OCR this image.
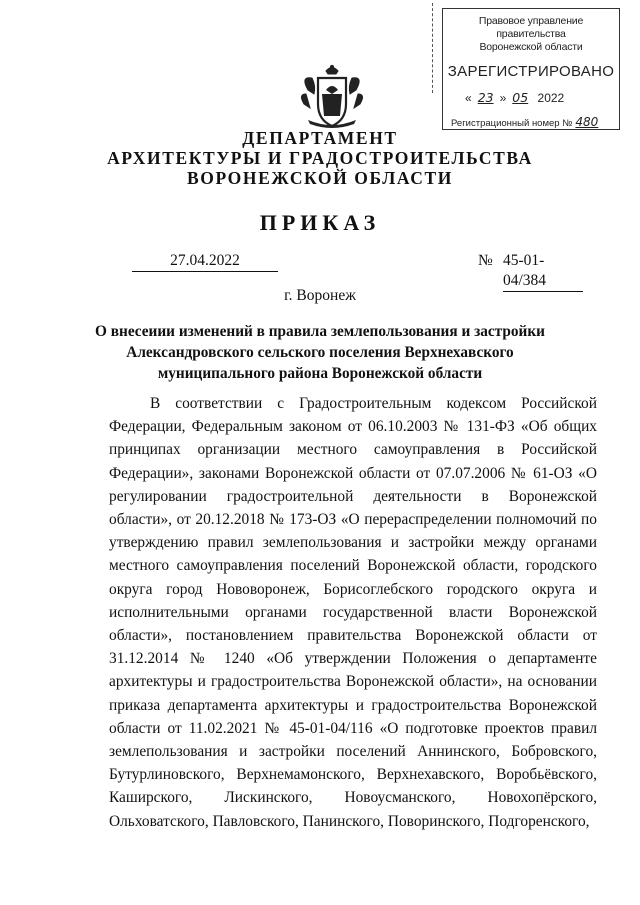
Правовое управление правительства
Воронежской области
ЗАРЕГИСТРИРОВАНО
« 23 » 05 2022
Регистрационный номер № 480
ДЕПАРТАМЕНТ
АРХИТЕКТУРЫ И ГРАДОСТРОИТЕЛЬСТВА
ВОРОНЕЖСКОЙ ОБЛАСТИ
ПРИКАЗ
27.04.2022	№ 45-01-04/384
г. Воронеж
О внесеиии изменений в правила землепользования и застройки
Александровского сельского поселения Верхнехавского
муниципального района Воронежской области
В соответствии с Градостроительным кодексом Российской Федерации, Федеральным законом от 06.10.2003 № 131-ФЗ «Об общих принципах организации местного самоуправления в Российской Федерации», законами Воронежской области от 07.07.2006 № 61-ОЗ «О регулировании градостроительной деятельности в Воронежской области», от 20.12.2018 № 173-ОЗ «О перераспределении полномочий по утверждению правил землепользования и застройки между органами местного самоуправления поселений Воронежской области, городского округа город Нововоронеж, Борисоглебского городского округа и исполнительными органами государственной власти Воронежской области», постановлением правительства Воронежской области от 31.12.2014 № 1240 «Об утверждении Положения о департаменте архитектуры и градостроительства Воронежской области», на основании приказа департамента архитектуры и градостроительства Воронежской области от 11.02.2021 № 45-01-04/116 «О подготовке проектов правил землепользования и застройки поселений Аннинского, Бобровского, Бутурлиновского, Верхнемамонского, Верхнехавского, Воробьёвского, Каширского, Лискинского, Новоусманского, Новохопёрского, Ольховатского, Павловского, Панинского, Поворинского, Подгоренского,
